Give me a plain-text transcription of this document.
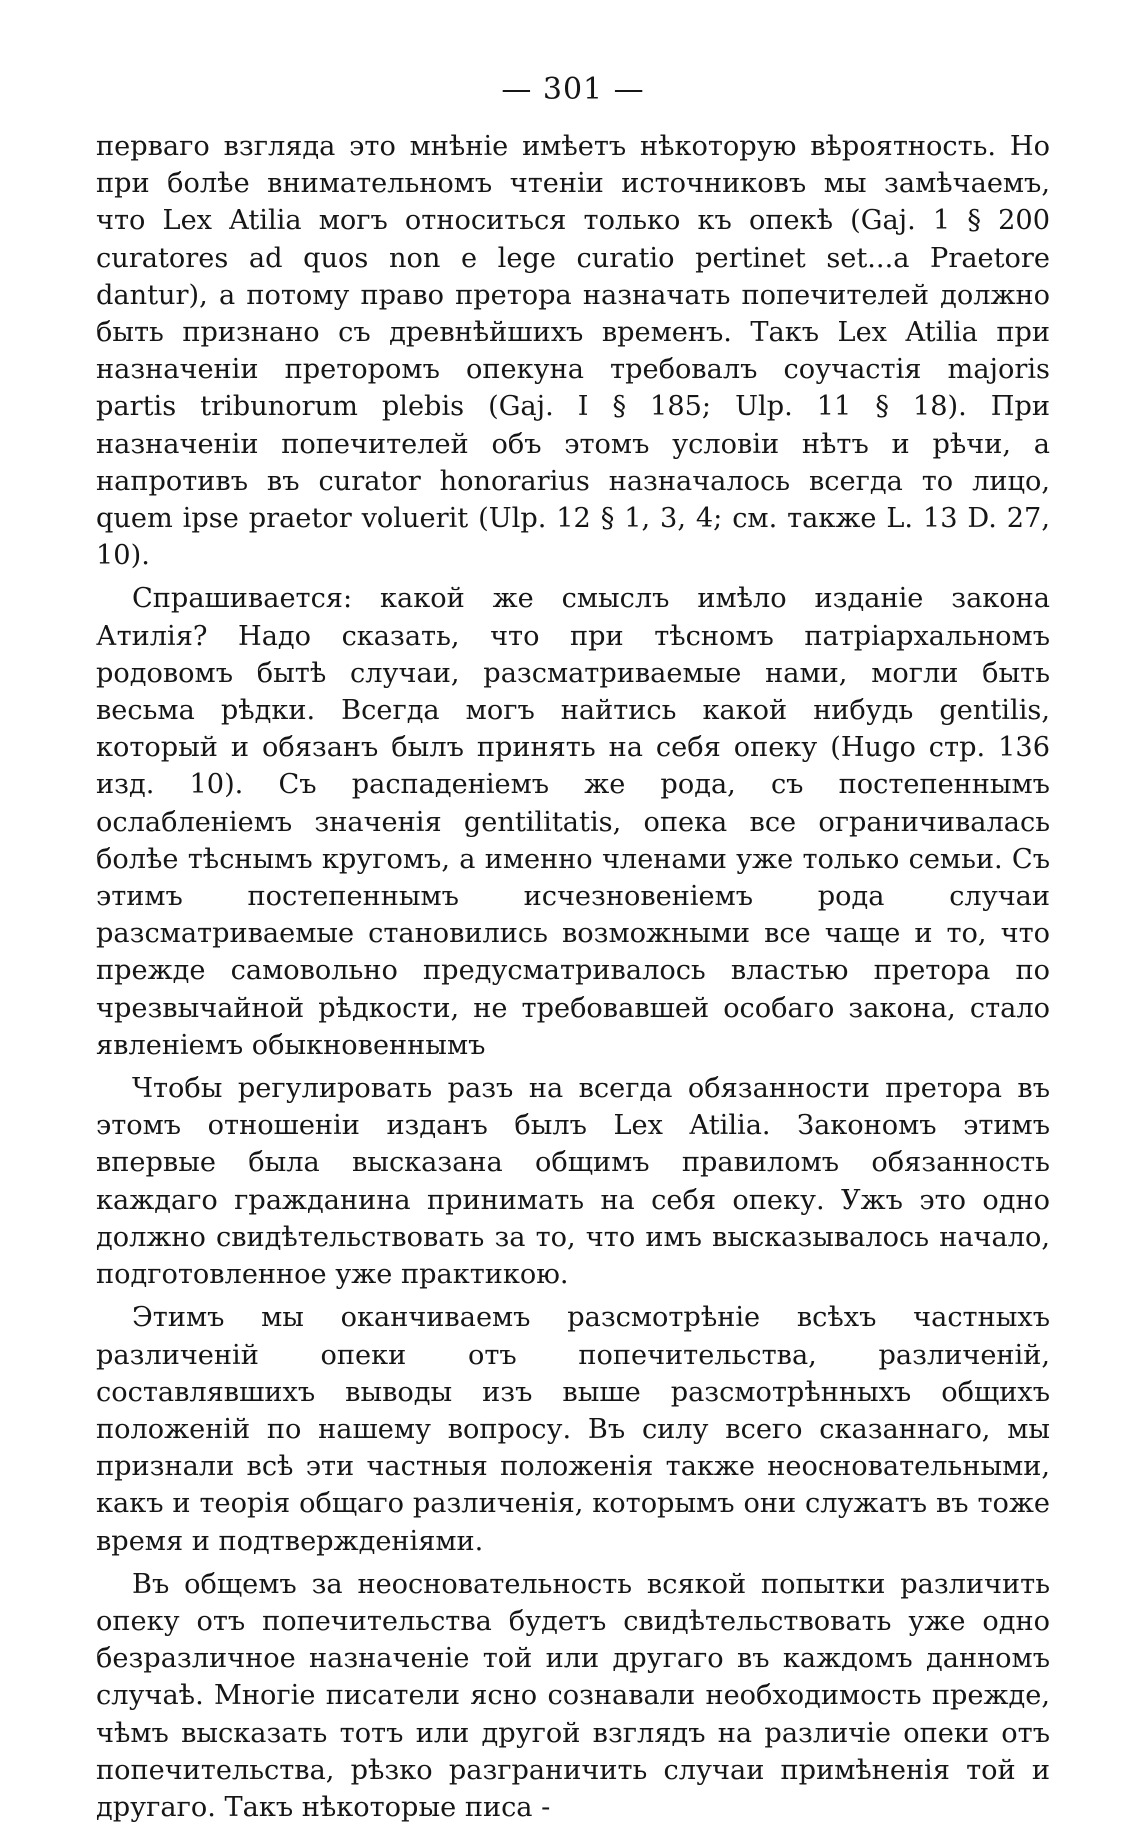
— 301 —

перваго взгляда это мнѣніе имѣетъ нѣкоторую вѣроятность. Но при болѣе внимательномъ чтеніи источниковъ мы замѣчаемъ, что Lex Atilia могъ относиться только къ опекѣ (Gaj. 1 § 200 curatores ad quos non e lege curatio pertinet set...a Praetore dantur), а потому право претора назначать попечителей должно быть признано съ древнѣйшихъ временъ. Такъ Lex Atilia при назначеніи преторомъ опекуна требовалъ соучастія majoris partis tribunorum plebis (Gaj. I § 185; Ulp. 11 § 18). При назначеніи попечителей объ этомъ условіи нѣтъ и рѣчи, а напротивъ въ curator honorarius назначалось всегда то лицо, quem ipse praetor voluerit (Ulp. 12 § 1, 3, 4; см. также L. 13 D. 27, 10).

Спрашивается: какой же смыслъ имѣло изданіе закона Атилія? Надо сказать, что при тѣсномъ патріархальномъ родовомъ бытѣ случаи, разсматриваемые нами, могли быть весьма рѣдки. Всегда могъ найтись какой нибудь gentilis, который и обязанъ былъ принять на себя опеку (Hugo стр. 136 изд. 10). Съ распаденіемъ же рода, съ постепеннымъ ослабленіемъ значенія gentilitatis, опека все ограничивалась болѣе тѣснымъ кругомъ, а именно членами уже только семьи. Съ этимъ постепеннымъ исчезновеніемъ рода случаи разсматриваемые становились возможными все чаще и то, что прежде самовольно предусматривалось властью претора по чрезвычайной рѣдкости, не требовавшей особаго закона, стало явленіемъ обыкновеннымъ

Чтобы регулировать разъ на всегда обязанности претора въ этомъ отношеніи изданъ былъ Lex Atilia. Закономъ этимъ впервые была высказана общимъ правиломъ обязанность каждаго гражданина принимать на себя опеку. Ужъ это одно должно свидѣтельствовать за то, что имъ высказывалось начало, подготовленное уже практикою.

Этимъ мы оканчиваемъ разсмотрѣніе всѣхъ частныхъ различеній опеки отъ попечительства, различеній, составлявшихъ выводы изъ выше разсмотрѣнныхъ общихъ положеній по нашему вопросу. Въ силу всего сказаннаго, мы признали всѣ эти частныя положенія также неосновательными, какъ и теорія общаго различенія, которымъ они служатъ въ тоже время и подтвержденіями.

Въ общемъ за неосновательность всякой попытки различить опеку отъ попечительства будетъ свидѣтельствовать уже одно безразличное назначеніе той или другаго въ каждомъ данномъ случаѣ. Многіе писатели ясно сознавали необходимость прежде, чѣмъ высказать тотъ или другой взглядъ на различіе опеки отъ попечительства, рѣзко разграничить случаи примѣненія той и другаго. Такъ нѣкоторые писа -
